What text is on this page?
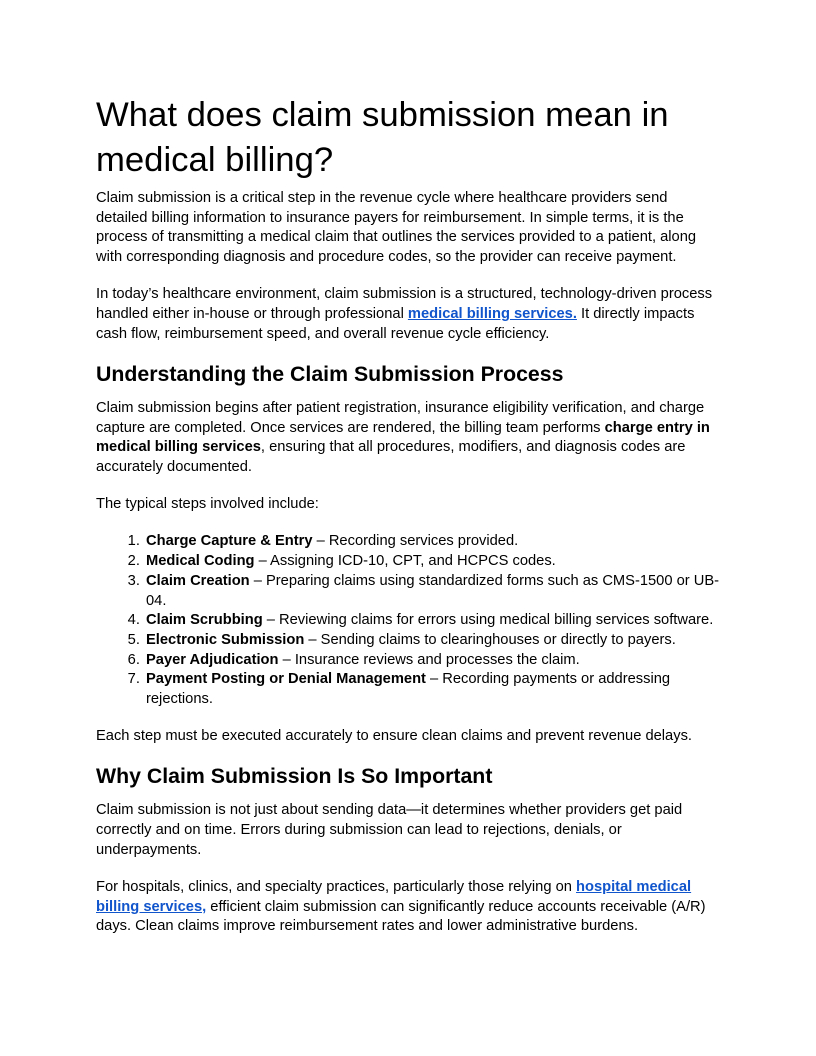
What does claim submission mean in medical billing?

Claim submission is a critical step in the revenue cycle where healthcare providers send detailed billing information to insurance payers for reimbursement. In simple terms, it is the process of transmitting a medical claim that outlines the services provided to a patient, along with corresponding diagnosis and procedure codes, so the provider can receive payment.

In today’s healthcare environment, claim submission is a structured, technology-driven process handled either in-house or through professional medical billing services. It directly impacts cash flow, reimbursement speed, and overall revenue cycle efficiency.

Understanding the Claim Submission Process

Claim submission begins after patient registration, insurance eligibility verification, and charge capture are completed. Once services are rendered, the billing team performs charge entry in medical billing services, ensuring that all procedures, modifiers, and diagnosis codes are accurately documented.

The typical steps involved include:

1. Charge Capture & Entry – Recording services provided.
2. Medical Coding – Assigning ICD-10, CPT, and HCPCS codes.
3. Claim Creation – Preparing claims using standardized forms such as CMS-1500 or UB-04.
4. Claim Scrubbing – Reviewing claims for errors using medical billing services software.
5. Electronic Submission – Sending claims to clearinghouses or directly to payers.
6. Payer Adjudication – Insurance reviews and processes the claim.
7. Payment Posting or Denial Management – Recording payments or addressing rejections.

Each step must be executed accurately to ensure clean claims and prevent revenue delays.

Why Claim Submission Is So Important

Claim submission is not just about sending data—it determines whether providers get paid correctly and on time. Errors during submission can lead to rejections, denials, or underpayments.

For hospitals, clinics, and specialty practices, particularly those relying on hospital medical billing services, efficient claim submission can significantly reduce accounts receivable (A/R) days. Clean claims improve reimbursement rates and lower administrative burdens.
